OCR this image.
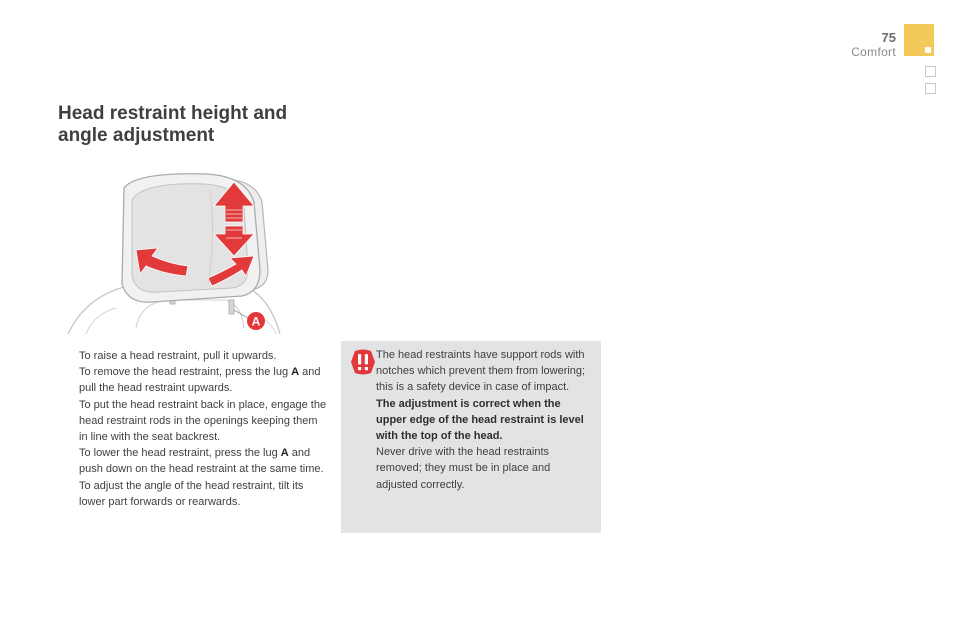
75
Comfort
Head restraint height and
angle adjustment
A
To raise a head restraint, pull it upwards.
To remove the head restraint, press the lug A and pull the head restraint upwards.
To put the head restraint back in place, engage the head restraint rods in the openings keeping them in line with the seat backrest.
To lower the head restraint, press the lug A and push down on the head restraint at the same time.
To adjust the angle of the head restraint, tilt its lower part forwards or rearwards.

The head restraints have support rods with notches which prevent them from lowering; this is a safety device in case of impact.

The adjustment is correct when the upper edge of the head restraint is level with the top of the head.

Never drive with the head restraints removed; they must be in place and adjusted correctly.
